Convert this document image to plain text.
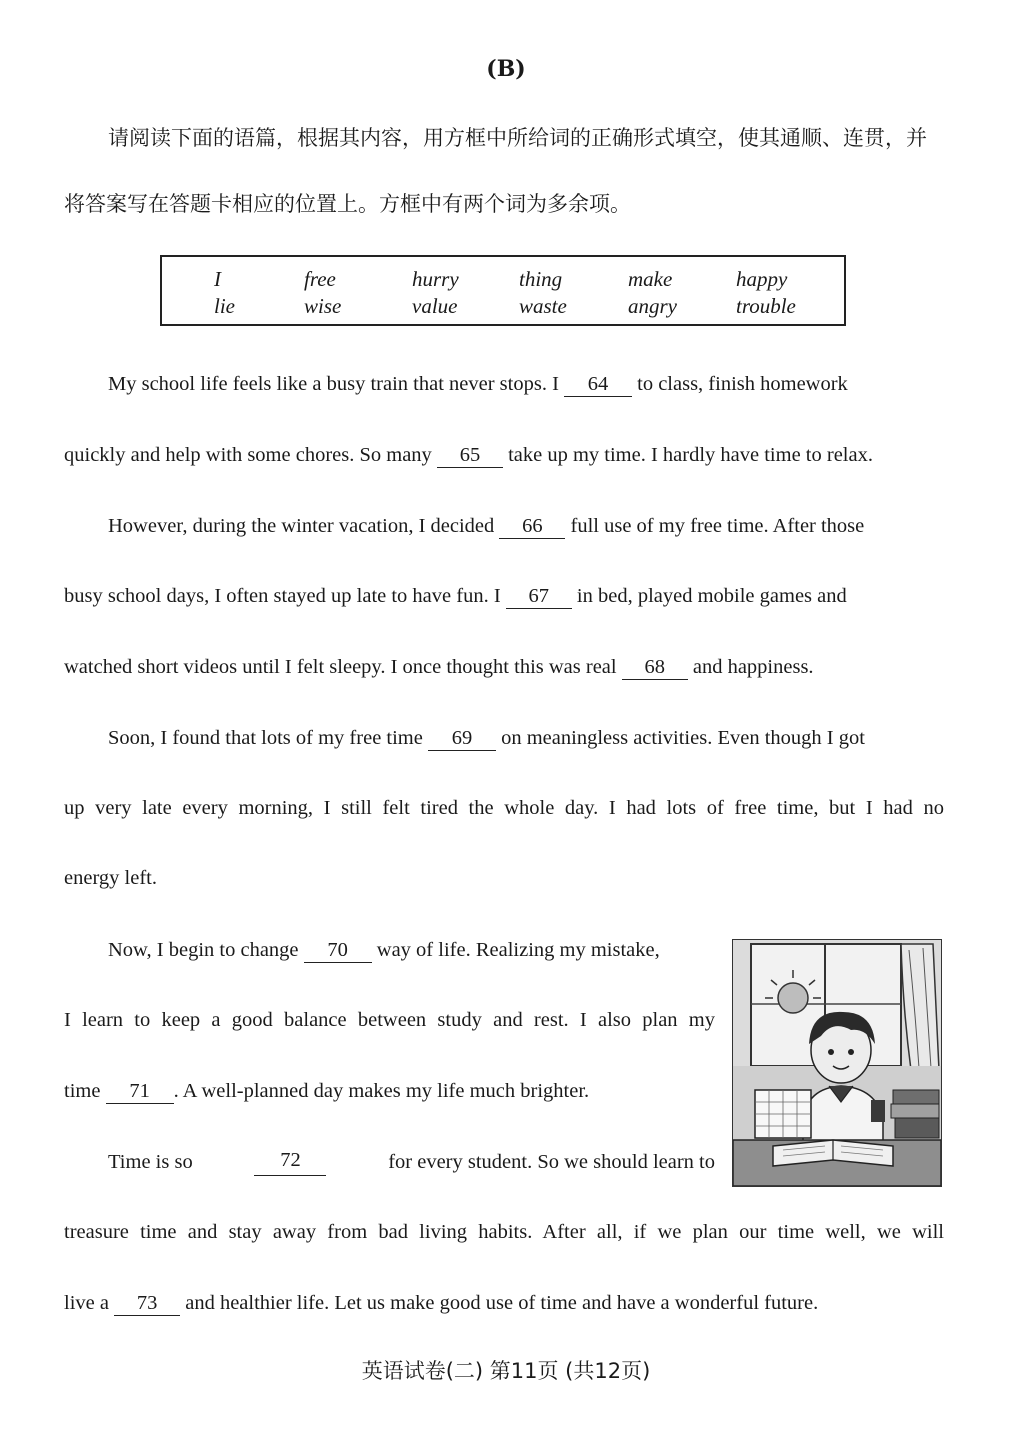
(B)
请阅读下面的语篇，根据其内容，用方框中所给词的正确形式填空，使其通顺、连贯，并
将答案写在答题卡相应的位置上。方框中有两个词为多余项。
I	free	hurry	thing	make	happy
lie	wise	value	waste	angry	trouble
My school life feels like a busy train that never stops. I 64 to class, finish homework
quickly and help with some chores. So many 65 take up my time. I hardly have time to relax.
However, during the winter vacation, I decided 66 full use of my free time. After those
busy school days, I often stayed up late to have fun. I 67 in bed, played mobile games and
watched short videos until I felt sleepy. I once thought this was real 68 and happiness.
Soon, I found that lots of my free time 69 on meaningless activities. Even though I got
up very late every morning, I still felt tired the whole day. I had lots of free time, but I had no
energy left.
Now, I begin to change 70 way of life. Realizing my mistake,
I learn to keep a good balance between study and rest. I also plan my
time 71 . A well-planned day makes my life much brighter.
Time is so	72	for every student. So we should learn to
treasure time and stay away from bad living habits. After all, if we plan our time well, we will
live a 73 and healthier life. Let us make good use of time and have a wonderful future.
英语试卷(二) 第11页 (共12页)
